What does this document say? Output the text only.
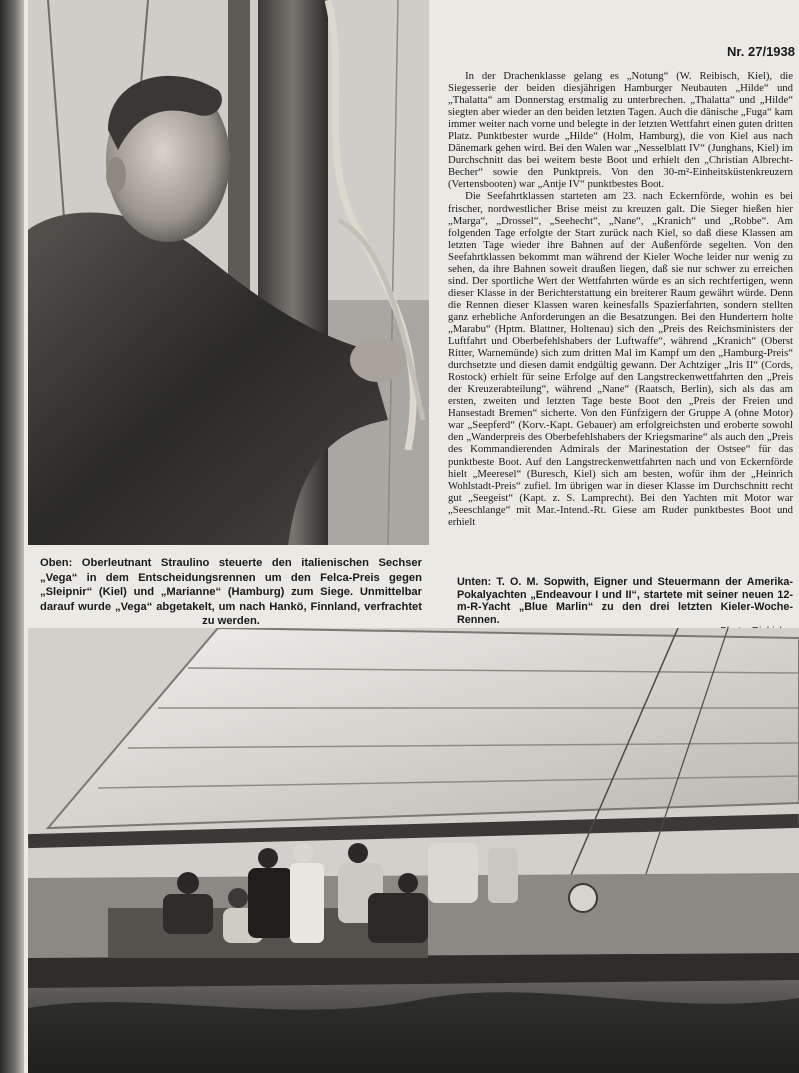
Oben: Oberleutnant Straulino steuerte den italienischen Sechser „Vega“ in dem Entscheidungsrennen um den Felca-Preis gegen „Sleipnir“ (Kiel) und „Marianne“ (Hamburg) zum Siege. Unmittelbar darauf wurde „Vega“ abgetakelt, um nach Hankö, Finnland, verfrachtet zu werden.
Nr. 27/1938

In der Drachenklasse gelang es „Notung“ (W. Reibisch, Kiel), die Siegesserie der beiden diesjährigen Hamburger Neubauten „Hilde“ und „Thalatta“ am Donnerstag erstmalig zu unterbrechen. „Thalatta“ und „Hilde“ siegten aber wieder an den beiden letzten Tagen. Auch die dänische „Fuga“ kam immer weiter nach vorne und belegte in der letzten Wettfahrt einen guten dritten Platz. Punktbester wurde „Hilde“ (Holm, Hamburg), die von Kiel aus nach Dänemark gehen wird. Bei den Walen war „Nesselblatt IV“ (Junghans, Kiel) im Durchschnitt das bei weitem beste Boot und erhielt den „Christian Albrecht-Becher“ sowie den Punktpreis. Von den 30-m²-Einheitsküstenkreuzern (Vertensbooten) war „Antje IV“ punktbestes Boot.

Die Seefahrtklassen starteten am 23. nach Eckernförde, wohin es bei frischer, nordwestlicher Brise meist zu kreuzen galt. Die Sieger hießen hier „Marga“, „Drossel“, „Seehecht“, „Nane“, „Kranich“ und „Robbe“. Am folgenden Tage erfolgte der Start zurück nach Kiel, so daß diese Klassen am letzten Tage wieder ihre Bahnen auf der Außenförde segelten. Von den Seefahrtklassen bekommt man während der Kieler Woche leider nur wenig zu sehen, da ihre Bahnen soweit draußen liegen, daß sie nur schwer zu erreichen sind. Der sportliche Wert der Wettfahrten würde es an sich rechtfertigen, wenn dieser Klasse in der Berichterstattung ein breiterer Raum gewährt würde. Denn die Rennen dieser Klassen waren keinesfalls Spazierfahrten, sondern stellten ganz erhebliche Anforderungen an die Besatzungen. Bei den Hundertern holte „Marabu“ (Hptm. Blattner, Holtenau) sich den „Preis des Reichsministers der Luftfahrt und Oberbefehlshabers der Luftwaffe“, während „Kranich“ (Oberst Ritter, Warnemünde) sich zum dritten Mal im Kampf um den „Hamburg-Preis“ durchsetzte und diesen damit endgültig gewann. Der Achtziger „Iris II“ (Cords, Rostock) erhielt für seine Erfolge auf den Langstreckenwettfahrten den „Preis der Kreuzerabteilung“, während „Nane“ (Raatsch, Berlin), sich als das am ersten, zweiten und letzten Tage beste Boot den „Preis der Freien und Hansestadt Bremen“ sicherte. Von den Fünfzigern der Gruppe A (ohne Motor) war „Seepferd“ (Korv.-Kapt. Gebauer) am erfolgreichsten und eroberte sowohl den „Wanderpreis des Oberbefehlshabers der Kriegsmarine“ als auch den „Preis des Kommandierenden Admirals der Marinestation der Ostsee“ für das punktbeste Boot. Auf den Langstreckenwettfahrten nach und von Eckernförde hielt „Meeresel“ (Buresch, Kiel) sich am besten, wofür ihm der „Heinrich Wohlstadt-Preis“ zufiel. Im übrigen war in dieser Klasse im Durchschnitt recht gut „Seegeist“ (Kapt. z. S. Lamprecht). Bei den Yachten mit Motor war „Seeschlange“ mit Mar.-Intend.-Rt. Giese am Ruder punktbestes Boot und erhielt

Unten: T. O. M. Sopwith, Eigner und Steuermann der Amerika-Pokalyachten „Endeavour I und II“, startete mit seiner neuen 12-m-R-Yacht „Blue Marlin“ zu den drei letzten Kieler-Woche-Rennen.
